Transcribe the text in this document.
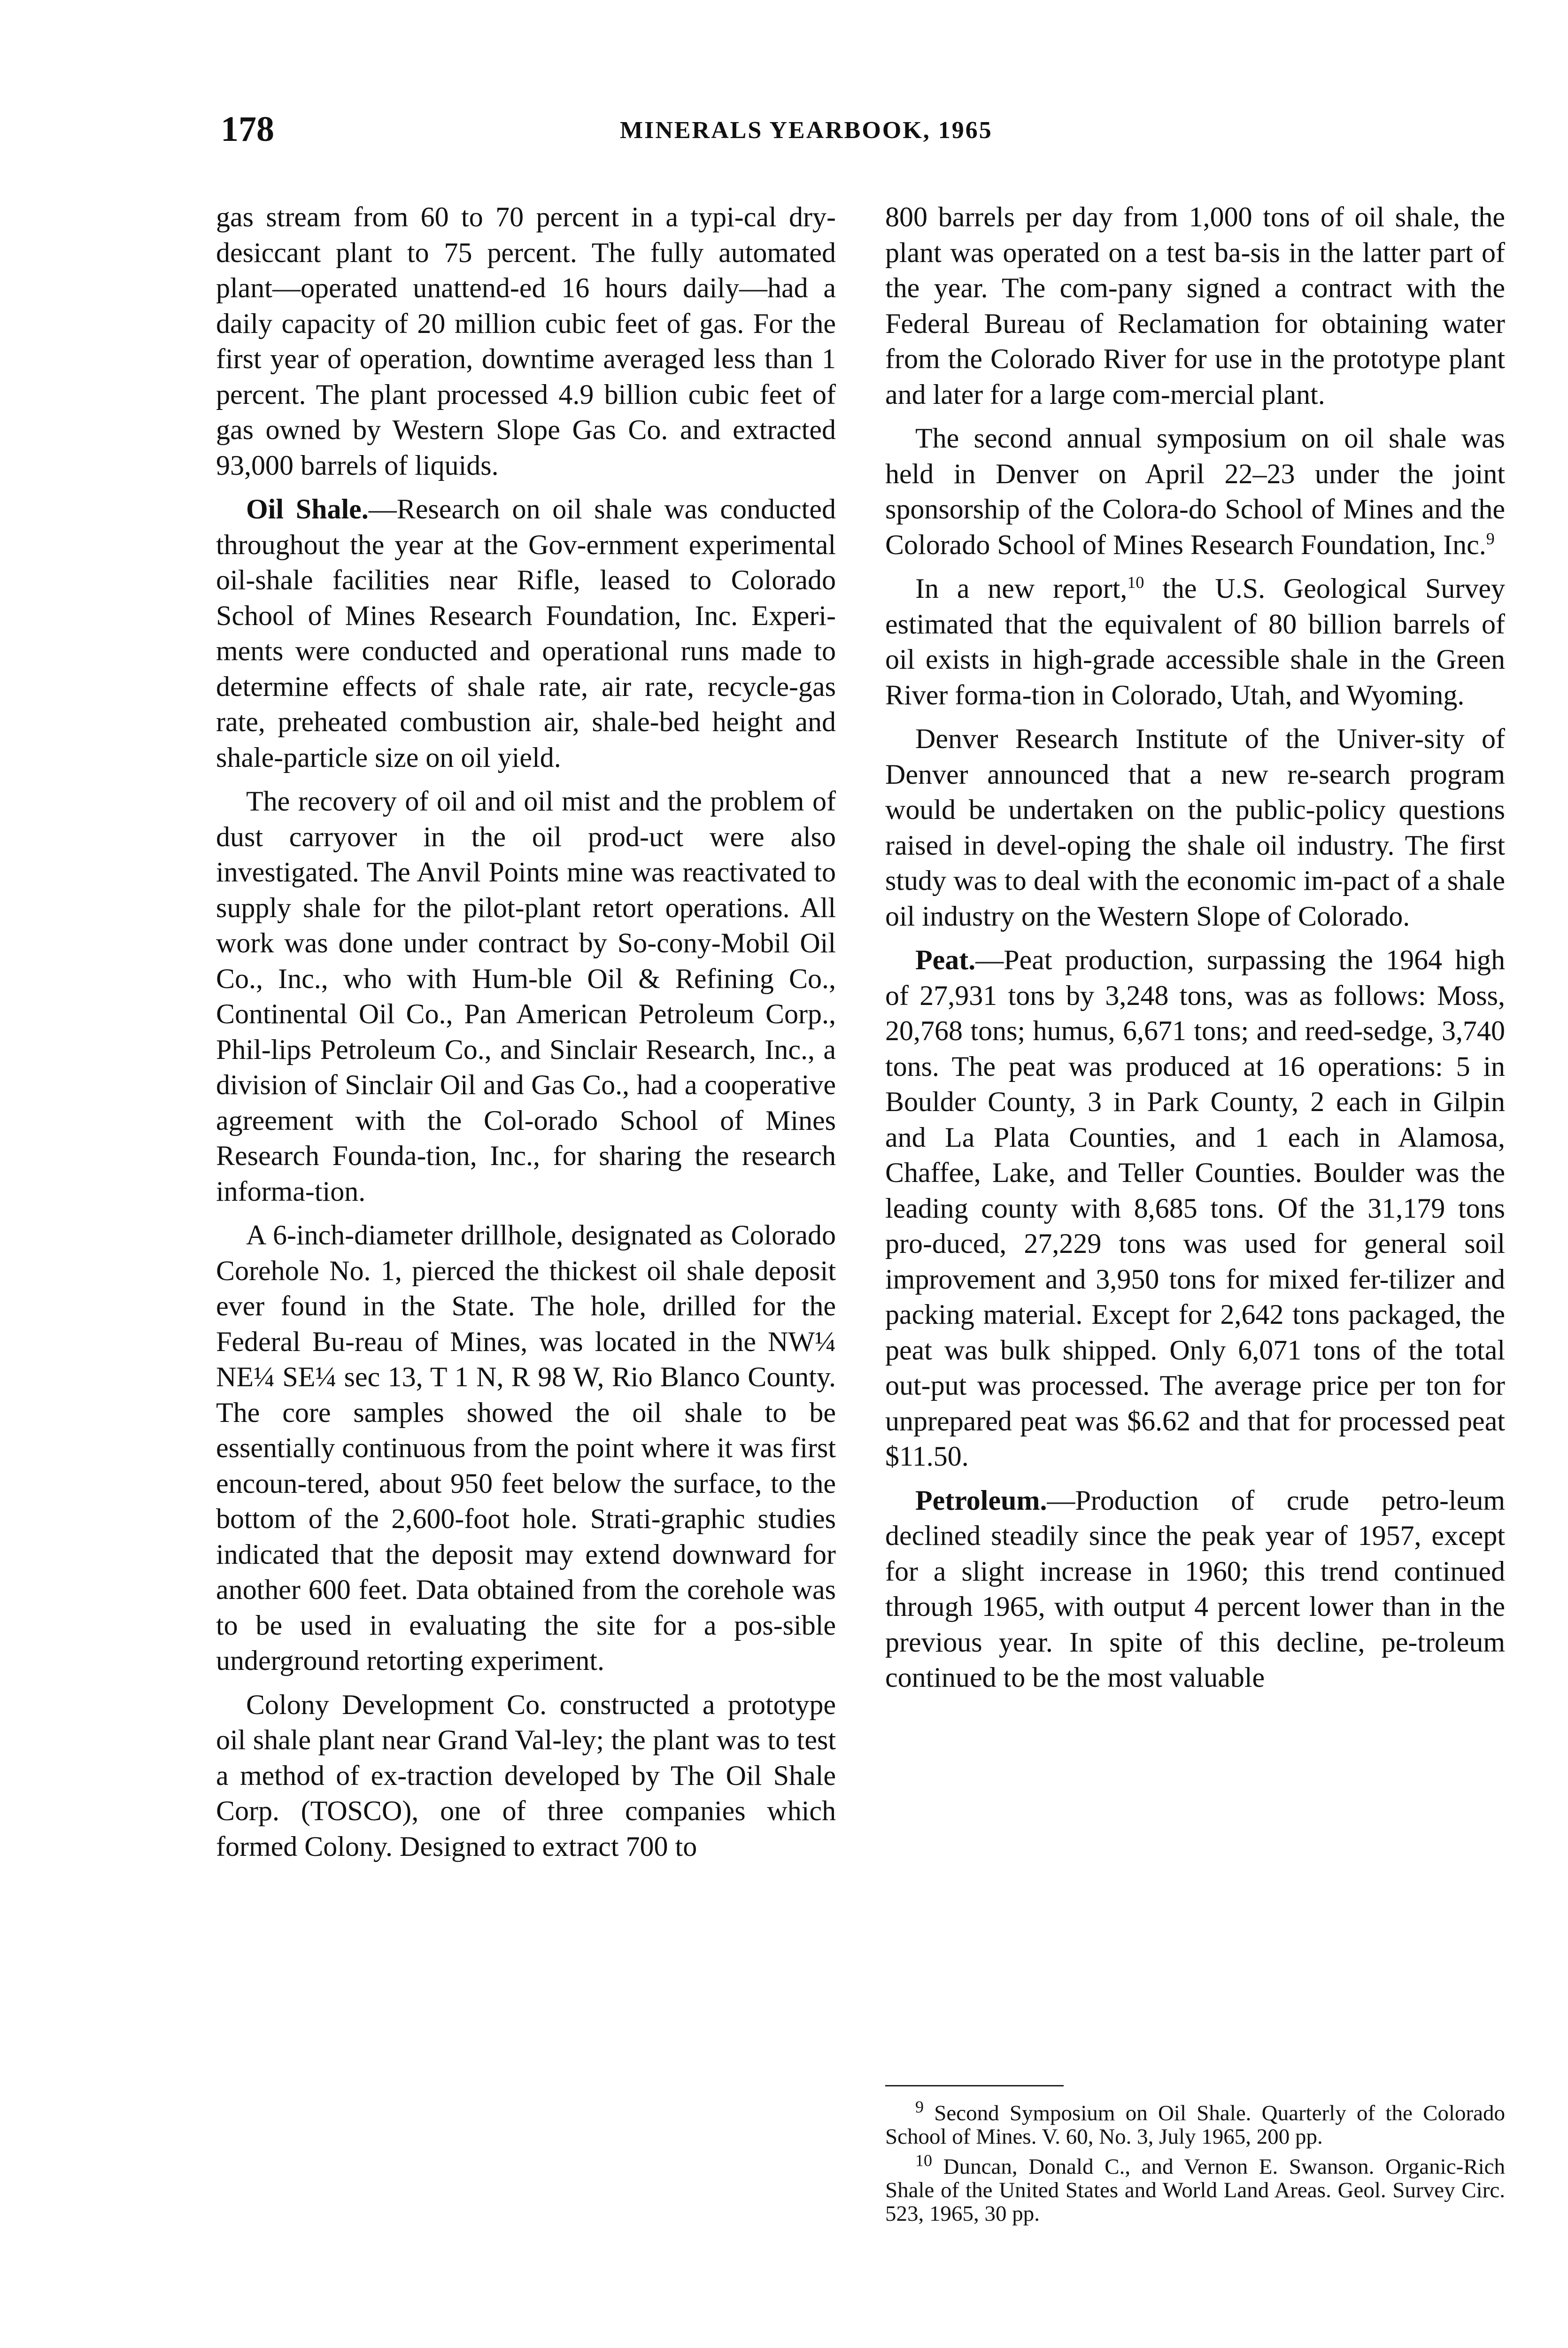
178	MINERALS YEARBOOK, 1965

gas stream from 60 to 70 percent in a typi-cal dry-desiccant plant to 75 percent. The fully automated plant—operated unattend-ed 16 hours daily—had a daily capacity of 20 million cubic feet of gas. For the first year of operation, downtime averaged less than 1 percent. The plant processed 4.9 billion cubic feet of gas owned by Western Slope Gas Co. and extracted 93,000 barrels of liquids.

Oil Shale.—Research on oil shale was conducted throughout the year at the Gov-ernment experimental oil-shale facilities near Rifle, leased to Colorado School of Mines Research Foundation, Inc. Experi-ments were conducted and operational runs made to determine effects of shale rate, air rate, recycle-gas rate, preheated combustion air, shale-bed height and shale-particle size on oil yield.

The recovery of oil and oil mist and the problem of dust carryover in the oil prod-uct were also investigated. The Anvil Points mine was reactivated to supply shale for the pilot-plant retort operations. All work was done under contract by So-cony-Mobil Oil Co., Inc., who with Hum-ble Oil & Refining Co., Continental Oil Co., Pan American Petroleum Corp., Phil-lips Petroleum Co., and Sinclair Research, Inc., a division of Sinclair Oil and Gas Co., had a cooperative agreement with the Col-orado School of Mines Research Founda-tion, Inc., for sharing the research informa-tion.

A 6-inch-diameter drillhole, designated as Colorado Corehole No. 1, pierced the thickest oil shale deposit ever found in the State. The hole, drilled for the Federal Bu-reau of Mines, was located in the NW¼ NE¼ SE¼ sec 13, T 1 N, R 98 W, Rio Blanco County. The core samples showed the oil shale to be essentially continuous from the point where it was first encoun-tered, about 950 feet below the surface, to the bottom of the 2,600-foot hole. Strati-graphic studies indicated that the deposit may extend downward for another 600 feet. Data obtained from the corehole was to be used in evaluating the site for a pos-sible underground retorting experiment.

Colony Development Co. constructed a prototype oil shale plant near Grand Val-ley; the plant was to test a method of ex-traction developed by The Oil Shale Corp. (TOSCO), one of three companies which formed Colony. Designed to extract 700 to

800 barrels per day from 1,000 tons of oil shale, the plant was operated on a test ba-sis in the latter part of the year. The com-pany signed a contract with the Federal Bureau of Reclamation for obtaining water from the Colorado River for use in the prototype plant and later for a large com-mercial plant.

The second annual symposium on oil shale was held in Denver on April 22–23 under the joint sponsorship of the Colora-do School of Mines and the Colorado School of Mines Research Foundation, Inc.$^9$

In a new report,$^{10}$ the U.S. Geological Survey estimated that the equivalent of 80 billion barrels of oil exists in high-grade accessible shale in the Green River forma-tion in Colorado, Utah, and Wyoming.

Denver Research Institute of the Univer-sity of Denver announced that a new re-search program would be undertaken on the public-policy questions raised in devel-oping the shale oil industry. The first study was to deal with the economic im-pact of a shale oil industry on the Western Slope of Colorado.

Peat.—Peat production, surpassing the 1964 high of 27,931 tons by 3,248 tons, was as follows: Moss, 20,768 tons; humus, 6,671 tons; and reed-sedge, 3,740 tons. The peat was produced at 16 operations: 5 in Boulder County, 3 in Park County, 2 each in Gilpin and La Plata Counties, and 1 each in Alamosa, Chaffee, Lake, and Teller Counties. Boulder was the leading county with 8,685 tons. Of the 31,179 tons pro-duced, 27,229 tons was used for general soil improvement and 3,950 tons for mixed fer-tilizer and packing material. Except for 2,642 tons packaged, the peat was bulk shipped. Only 6,071 tons of the total out-put was processed. The average price per ton for unprepared peat was $6.62 and that for processed peat $11.50.

Petroleum.—Production of crude petro-leum declined steadily since the peak year of 1957, except for a slight increase in 1960; this trend continued through 1965, with output 4 percent lower than in the previous year. In spite of this decline, pe-troleum continued to be the most valuable

$^9$ Second Symposium on Oil Shale. Quarterly of the Colorado School of Mines. V. 60, No. 3, July 1965, 200 pp.

$^{10}$ Duncan, Donald C., and Vernon E. Swanson. Organic-Rich Shale of the United States and World Land Areas. Geol. Survey Circ. 523, 1965, 30 pp.
